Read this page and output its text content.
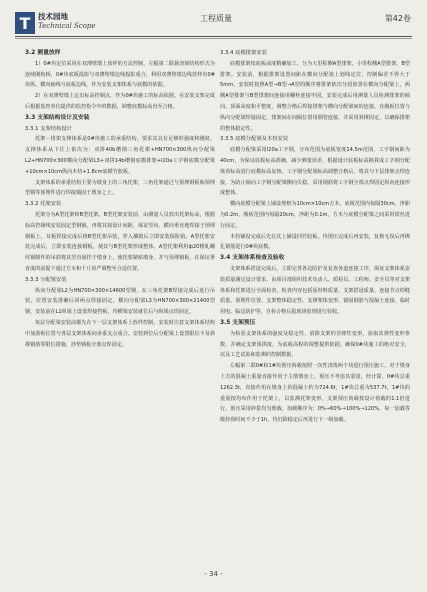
T	技术园地
Technical Scope
工程质量	第42卷

3.2 测量放样

1）0#块定位采用在双薄壁墩上放样的方法控制，左幅第二联悬浇梁结构形式为连续刚构桥，0#块底板投影与双薄壁墩边线投影重合，利用双薄壁墩边线放样出0#块纵、横向轴线与底板边线，作为安装支架体系与底模的依据。

2）在双薄壁墩上定出标高控制点，作为0#块施工的标高依据。在安装支架完成后根据监控单位提供的监控指令中的数据，调整底模标高直至合格。

3.3 支架结构设计及安装

3.3.1 支架结构设计

托架－排架支撑体系是0#块施工的承重结构，要求其具有足够的强度和刚度。支撑体系从下往上依次为：双拼40b槽钢三角托架+HN700×300纵向分配梁L2+HN700×300横向分配梁L3+双拼14b槽钢底模排架+I20a工字钢底模分配梁+10cm×10cm纵向木枋+1.8cm底模竹胶板。

支架体系的承重结构主要为墩身上的三角托架，三角托架通过与预埋钢板和预埋型钢等预埋件进行焊接锚固于墩身之上。

3.3.2 托架安装

托架分为A型托架和B型托架。B型托架安装前，由测量人员放出托架标高，根据标高控制线安装固定型钢箍，再将其按设计间距，保证竖向、横向垂直地焊接于预埋钢板上，耳板焊接完成后将B型托架吊装，穿入插销后立即安装保险销。A型托架安装完成后，立即安装连接钢板，使其与B型托架形成整体，A型托架利用ф20精轧螺纹钢制作的吊筋将其竖直悬挂于墩身上，使托架紧贴墩身，并与预埋钢板，在保证垂直度的前提下通过方木和千斤顶严调整至合适位置。

3.3.3 分配梁安装

纵向分配梁L2为HN700×300×14600型钢，在三角托架B焊接完成后进行吊装，位置安装准确后同两点焊接固定。横向分配梁L3为HN700×300×21400型钢，安装前在L1纵梁上设置焊接挡板，待横梁安装就位后与纵梁点焊固定。

每层分配梁安装前都先在下一层支架体系上放样控制，安装时注意支架体系结构中加劲板位置与各层支架体系间承重支点重合。安装到位后分配梁上设置限位卡及斜撑钢筋等限位措施，抄垫钢板全部点焊固定。

3.3.4 底模排架安装

底模排架按底板或度精确加工，分为大里程侧A型排架、小里程侧A型排架、B型排架。安装前，根据排架设置间距在横向分配梁上划线定位，控制偏差不得大于5mm，安装时按照A型→B型→A型的顺序将排架依次分段放置在横向分配梁上，两侧A型排架与B型排架间连接用螺栓连接牢固，安装完成后用测量人员检测排架的倾向、顶面高度和平整度，调整合格后焊接排架与横向分配梁间的连接，在腹板位置与纵向分配梁焊接固定，排架间在间隔位置用钢管连接，并采用斜撑固定，以确保排架的整体稳定性。

3.3.5 底模分配梁及木枋安装

底模分配梁采用I20a工字钢，分布范围为底板宽度14.5m范围，工字钢间距为40cm，为保证底板标高准确，减少测量误差，根据设计底板标高换算成工字钢分配梁顶标高进行底模标高复核，工字钢分配梁标高调整合格后，将其与下层排架点焊连接，为防止倾向工字钢分配梁侧向失稳，采用钢筋将工字钢全部点焊固定纵向连接形成整体。

横向底模分配梁上铺设规格为10cm×10cm方木，底板范围内每隔30cm，净距为0.2m，腹板范围内每隔20cm，净距为0.1m，方木与底模分配梁之间采用铁丝进行固定。

木枋铺设完成后先在其上铺设同竹胶板，待预压完成后再安装，复核无误后再绑扎钢筋进行0#块底模。

3.4 支架体系检查及验收

支架体系搭设完成后，立即完善各边防护及复查各道连接工序，保证支架体系安装质量满足设计要求，由项目部组织技术负责人、质检员、工程师、安全员等对支架体系和托架进行全面检查，检查内容包括原材料质量、支架搭设质量、连接节点焊缝质量、预埋件位置、支架整体稳定性、支撑架体变形、锚固钢筋与混凝土连接、临时用电、临边防护等，自检合格后报现场监理进行验收。

3.5 支架预压

为检验支架体系的强度及稳定性，消除支架的非弹性变形，获取其弹性变形参数，并确定支架预拱度，为底板高程的调整提供依据，确保0#块施工的绝对安全，以及工艺试验和监测的控制数据。

左幅第二联0#和1#块预压荷载按照一次性浇筑两个块进行预压施工，对于墩身上方的混凝土重量直接作用于主墩墩身上，预压不考虑其重量，经计算，0#块总重1262.3t，直接作用在墩身上的混凝土约为724.6t，1#块总重为537.7t，1#块的重量按均布作用于托架上，以监测托架变形，支架预压荷载按设计荷载的1.1倍进行，预压采用砂袋均匀堆载，加载顺序为：0%→60%→100%→120%，每一加载等级持荷时间不少于1h，待沉降稳定后再进行下一级加载。

- 34 -
